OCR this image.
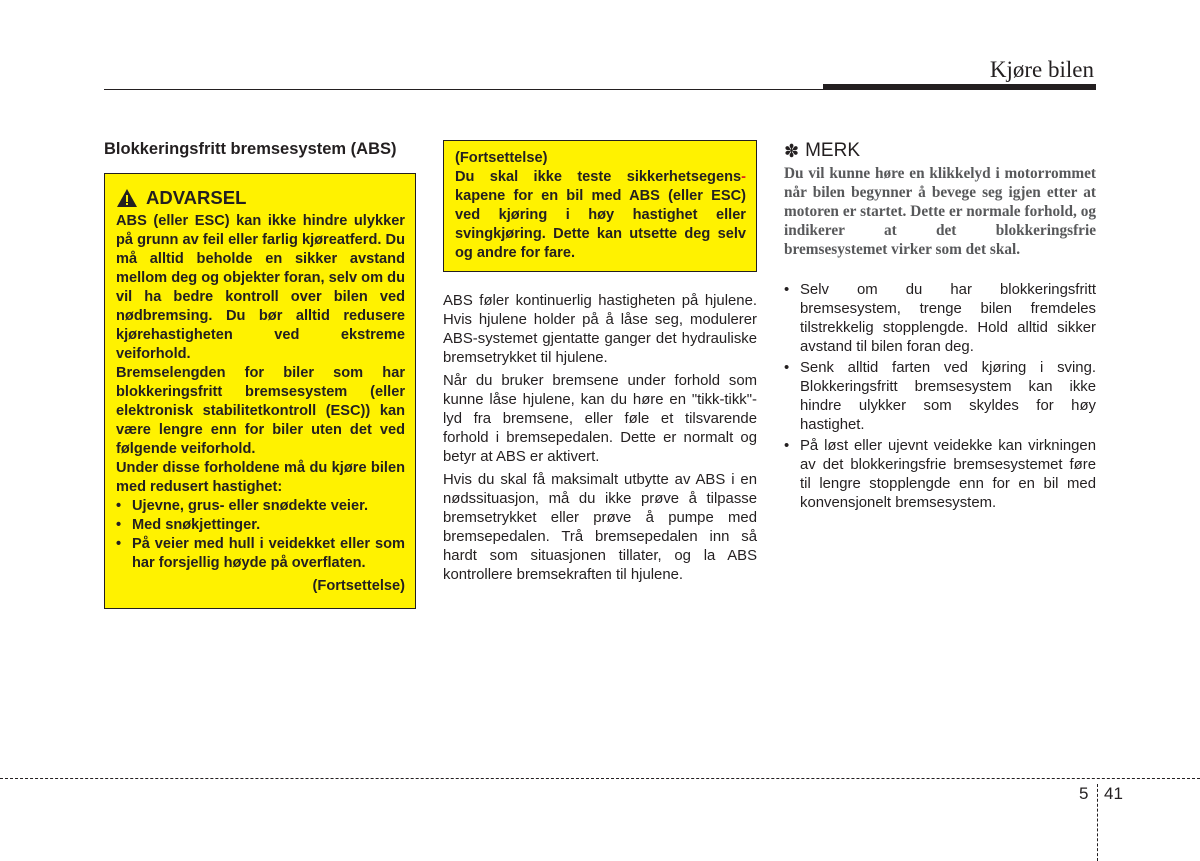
Kjøre bilen
Blokkeringsfritt bremsesystem (ABS)
ADVARSEL

ABS (eller ESC) kan ikke hindre ulykker på grunn av feil eller farlig kjøreatferd. Du må alltid beholde en sikker avstand mellom deg og objekter foran, selv om du vil ha bedre kontroll over bilen ved nødbremsing. Du bør alltid redusere kjørehastigheten ved ekstreme veiforhold.

Bremselengden for biler som har blokkeringsfritt bremsesystem (eller elektronisk stabilitetkontroll (ESC)) kan være lengre enn for biler uten det ved følgende veiforhold.

Under disse forholdene må du kjøre bilen med redusert hastighet:

• Ujevne, grus- eller snødekte veier.
• Med snøkjettinger.
• På veier med hull i veidekket eller som har forsjellig høyde på overflaten.
(Fortsettelse)

(Fortsettelse)

Du skal ikke teste sikkerhetsegens- kapene for en bil med ABS (eller ESC) ved kjøring i høy hastighet eller svingkjøring. Dette kan utsette deg selv og andre for fare.

ABS føler kontinuerlig hastigheten på hjulene. Hvis hjulene holder på å låse seg, modulerer ABS-systemet gjentatte ganger det hydrauliske bremsetrykket til hjulene.

Når du bruker bremsene under forhold som kunne låse hjulene, kan du høre en "tikk-tikk"-lyd fra bremsene, eller føle et tilsvarende forhold i bremsepedalen. Dette er normalt og betyr at ABS er aktivert.

Hvis du skal få maksimalt utbytte av ABS i en nødssituasjon, må du ikke prøve å tilpasse bremsetrykket eller prøve å pumpe med bremsepedalen. Trå bremsepedalen inn så hardt som situasjonen tillater, og la ABS kontrollere bremsekraften til hjulene.

✽ MERK

Du vil kunne høre en klikkelyd i motorrommet når bilen begynner å bevege seg igjen etter at motoren er startet. Dette er normale forhold, og indikerer at det blokkeringsfrie bremsesystemet virker som det skal.

• Selv om du har blokkeringsfritt bremsesystem, trenge bilen fremdeles tilstrekkelig stopplengde. Hold alltid sikker avstand til bilen foran deg.
• Senk alltid farten ved kjøring i sving. Blokkeringsfritt bremsesystem kan ikke hindre ulykker som skyldes for høy hastighet.
• På løst eller ujevnt veidekke kan virkningen av det blokkeringsfrie bremsesystemet føre til lengre stopplengde enn for en bil med konvensjonelt bremsesystem.
5 41
